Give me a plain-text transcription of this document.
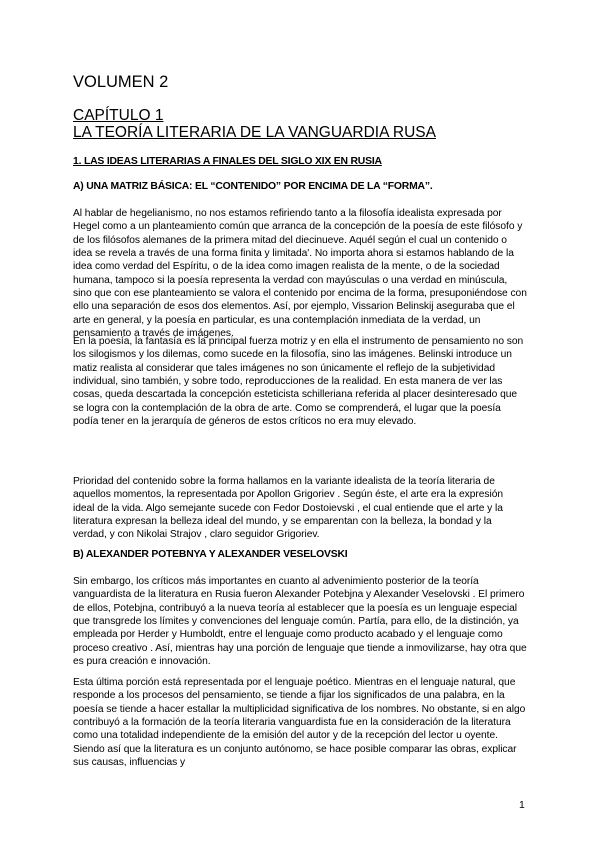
VOLUMEN 2
CAPÍTULO 1
LA TEORÍA LITERARIA DE LA VANGUARDIA RUSA
1. LAS IDEAS LITERARIAS A FINALES DEL SIGLO XIX EN RUSIA
A) UNA MATRIZ BÁSICA: EL “CONTENIDO” POR ENCIMA DE LA “FORMA”.

Al hablar de hegelianismo, no nos estamos refiriendo tanto a la filosofía idealista expresada por Hegel como a un planteamiento común que arranca de la concepción de la poesía de este filósofo y de los filósofos alemanes de la primera mitad del diecinueve. Aquél según el cual un contenido o idea se revela a través de una forma finita y limitada'. No importa ahora si estamos hablando de la idea como verdad del Espíritu, o de la idea como imagen realista de la mente, o de la sociedad humana, tampoco si la poesía representa la verdad con mayúsculas o una verdad en minúscula, sino que con ese planteamiento se valora el contenido por encima de la forma, presuponiéndose con ello una separación de esos dos elementos. Así, por ejemplo, Vissarion Belinskij aseguraba que el arte en general, y la poesía en particular, es una contemplación inmediata de la verdad, un pensamiento a través de imágenes.

En la poesía, la fantasía es la principal fuerza motriz y en ella el instrumento de pensamiento no son los silogismos y los dilemas, como sucede en la filosofía, sino las imágenes. Belinski introduce un matiz realista al considerar que tales imágenes no son únicamente el reflejo de la subjetividad individual, sino también, y sobre todo, reproducciones de la realidad. En esta manera de ver las cosas, queda descartada la concepción esteticista schilleriana referida al placer desinteresado que se logra con la contemplación de la obra de arte. Como se comprenderá, el lugar que la poesía podía tener en la jerarquía de géneros de estos críticos no era muy elevado.

Prioridad del contenido sobre la forma hallamos en la variante idealista de la teoría literaria de aquellos momentos, la representada por Apollon Grigoriev . Según éste, el arte era la expresión ideal de la vida. Algo semejante sucede con Fedor Dostoievski , el cual entiende que el arte y la literatura expresan la belleza ideal del mundo, y se emparentan con la belleza, la bondad y la verdad, y con Nikolai Strajov , claro seguidor Grigoriev.

B) ALEXANDER POTEBNYA Y ALEXANDER VESELOVSKI

Sin embargo, los críticos más importantes en cuanto al advenimiento posterior de la teoría vanguardista de la literatura en Rusia fueron Alexander Potebjna y Alexander Veselovski . El primero de ellos, Potebjna, contribuyó a la nueva teoría al establecer que la poesía es un lenguaje especial que transgrede los límites y convenciones del lenguaje común. Partía, para ello, de la distinción, ya empleada por Herder y Humboldt, entre el lenguaje como producto acabado y el lenguaje como proceso creativo . Así, mientras hay una porción de lenguaje que tiende a inmovilizarse, hay otra que es pura creación e innovación.

Esta última porción está representada por el lenguaje poético. Mientras en el lenguaje natural, que responde a los procesos del pensamiento, se tiende a fijar los significados de una palabra, en la poesía se tiende a hacer estallar la multiplicidad significativa de los nombres. No obstante, si en algo contribuyó a la formación de la teoría literaria vanguardista fue en la consideración de la literatura como una totalidad independiente de la emisión del autor y de la recepción del lector u oyente. Siendo así que la literatura es un conjunto autónomo, se hace posible comparar las obras, explicar sus causas, influencias y

1
